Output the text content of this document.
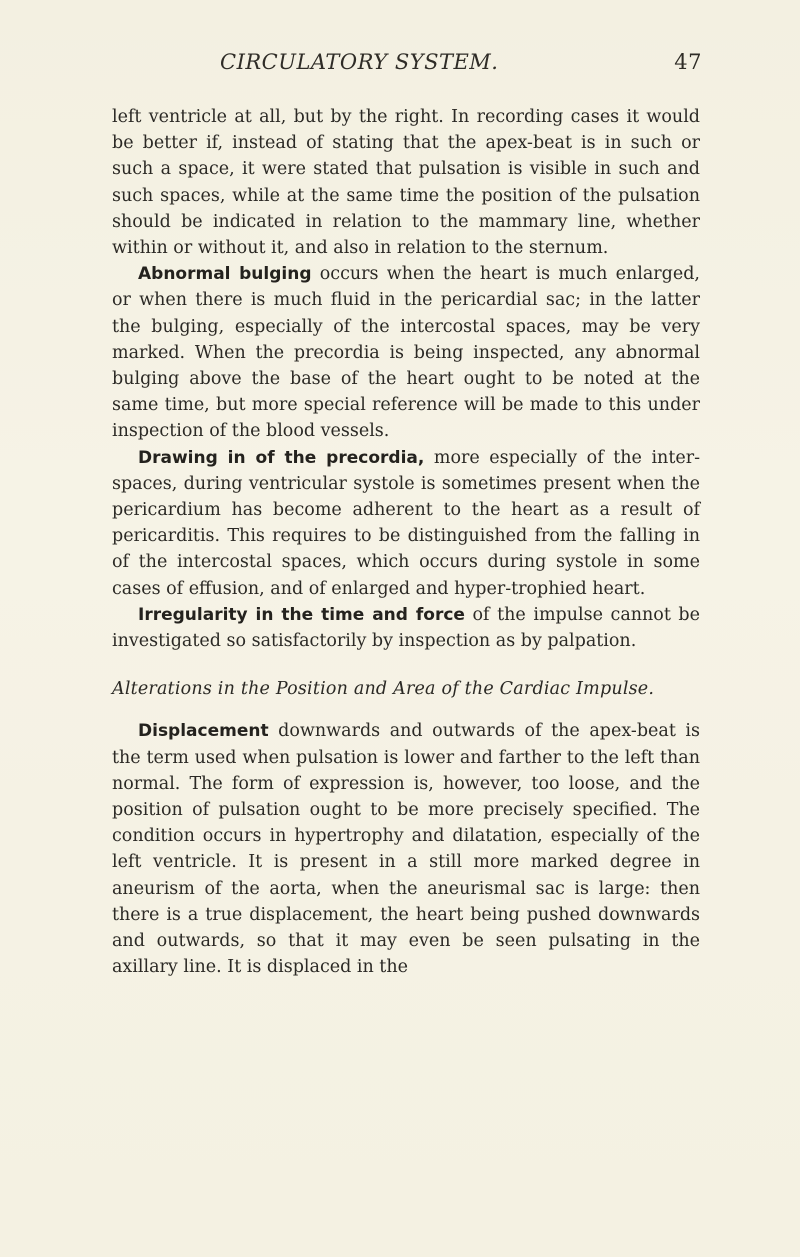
CIRCULATORY SYSTEM.	47

left ventricle at all, but by the right. In recording cases it would be better if, instead of stating that the apex-beat is in such or such a space, it were stated that pulsation is visible in such and such spaces, while at the same time the position of the pulsation should be indicated in relation to the mammary line, whether within or without it, and also in relation to the sternum.

Abnormal bulging occurs when the heart is much enlarged, or when there is much fluid in the pericardial sac; in the latter the bulging, especially of the intercostal spaces, may be very marked. When the precordia is being inspected, any abnormal bulging above the base of the heart ought to be noted at the same time, but more special reference will be made to this under inspection of the blood vessels.

Drawing in of the precordia, more especially of the inter-spaces, during ventricular systole is sometimes present when the pericardium has become adherent to the heart as a result of pericarditis. This requires to be distinguished from the falling in of the intercostal spaces, which occurs during systole in some cases of effusion, and of enlarged and hyper-trophied heart.

Irregularity in the time and force of the impulse cannot be investigated so satisfactorily by inspection as by palpation.

Alterations in the Position and Area of the Cardiac Impulse.

Displacement downwards and outwards of the apex-beat is the term used when pulsation is lower and farther to the left than normal. The form of expression is, however, too loose, and the position of pulsation ought to be more precisely specified. The condition occurs in hypertrophy and dilatation, especially of the left ventricle. It is present in a still more marked degree in aneurism of the aorta, when the aneurismal sac is large: then there is a true displacement, the heart being pushed downwards and outwards, so that it may even be seen pulsating in the axillary line. It is displaced in the
